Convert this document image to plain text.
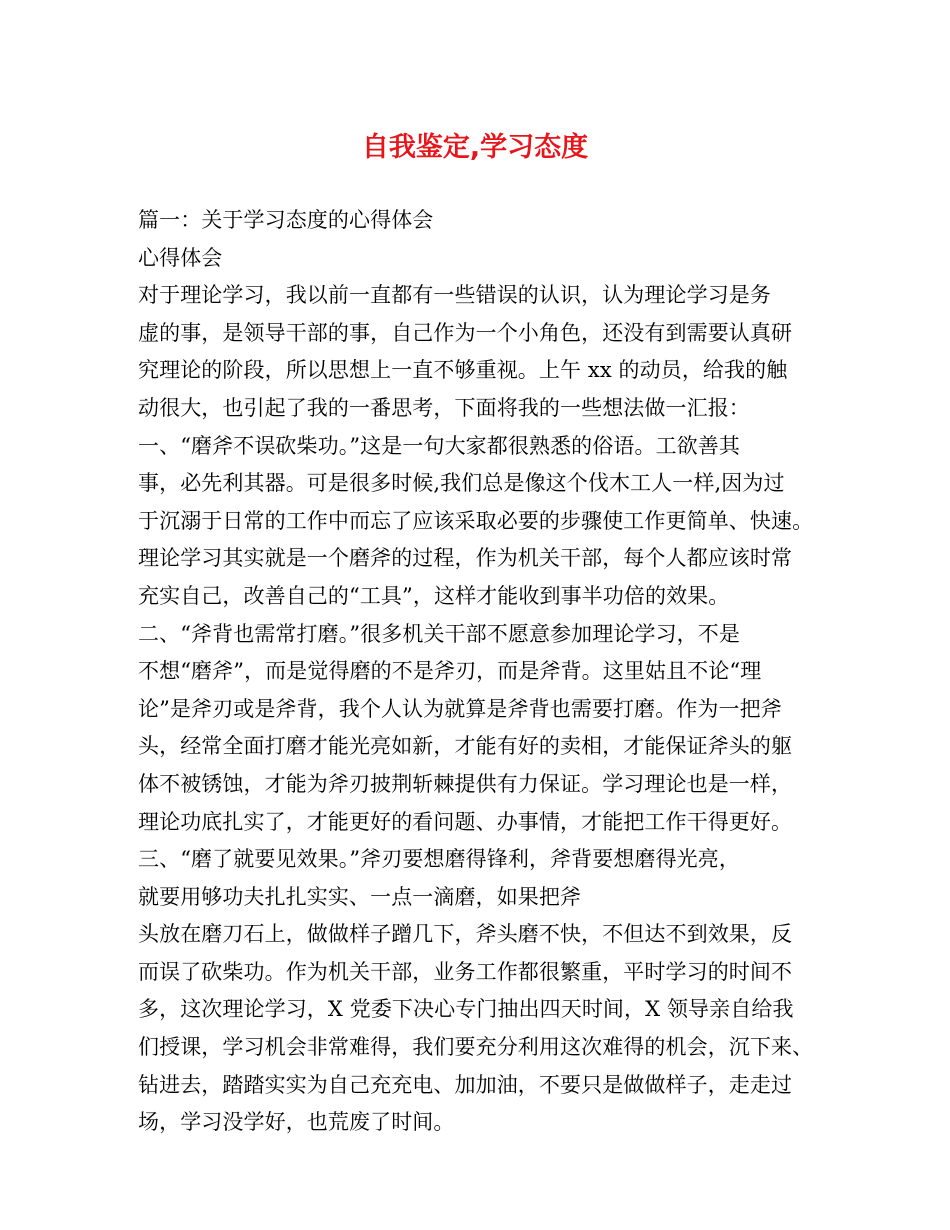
自我鉴定,学习态度
篇一：关于学习态度的心得体会
心得体会
对于理论学习，我以前一直都有一些错误的认识，认为理论学习是务
虚的事，是领导干部的事，自己作为一个小角色，还没有到需要认真研
究理论的阶段，所以思想上一直不够重视。上午 xx 的动员，给我的触
动很大，也引起了我的一番思考，下面将我的一些想法做一汇报：
一、“磨斧不误砍柴功。”这是一句大家都很熟悉的俗语。工欲善其
事，必先利其器。可是很多时候,我们总是像这个伐木工人一样,因为过
于沉溺于日常的工作中而忘了应该采取必要的步骤使工作更简单、快速。
理论学习其实就是一个磨斧的过程，作为机关干部，每个人都应该时常
充实自己，改善自己的“工具”，这样才能收到事半功倍的效果。
二、“斧背也需常打磨。”很多机关干部不愿意参加理论学习，不是
不想“磨斧”，而是觉得磨的不是斧刃，而是斧背。这里姑且不论“理
论”是斧刃或是斧背，我个人认为就算是斧背也需要打磨。作为一把斧
头，经常全面打磨才能光亮如新，才能有好的卖相，才能保证斧头的躯
体不被锈蚀，才能为斧刃披荆斩棘提供有力保证。学习理论也是一样，
理论功底扎实了，才能更好的看问题、办事情，才能把工作干得更好。
三、“磨了就要见效果。”斧刃要想磨得锋利，斧背要想磨得光亮，
就要用够功夫扎扎实实、一点一滴磨，如果把斧
头放在磨刀石上，做做样子蹭几下，斧头磨不快，不但达不到效果，反
而误了砍柴功。作为机关干部，业务工作都很繁重，平时学习的时间不
多，这次理论学习，X 党委下决心专门抽出四天时间，X 领导亲自给我
们授课，学习机会非常难得，我们要充分利用这次难得的机会，沉下来、
钻进去，踏踏实实为自己充充电、加加油，不要只是做做样子，走走过
场，学习没学好，也荒废了时间。
